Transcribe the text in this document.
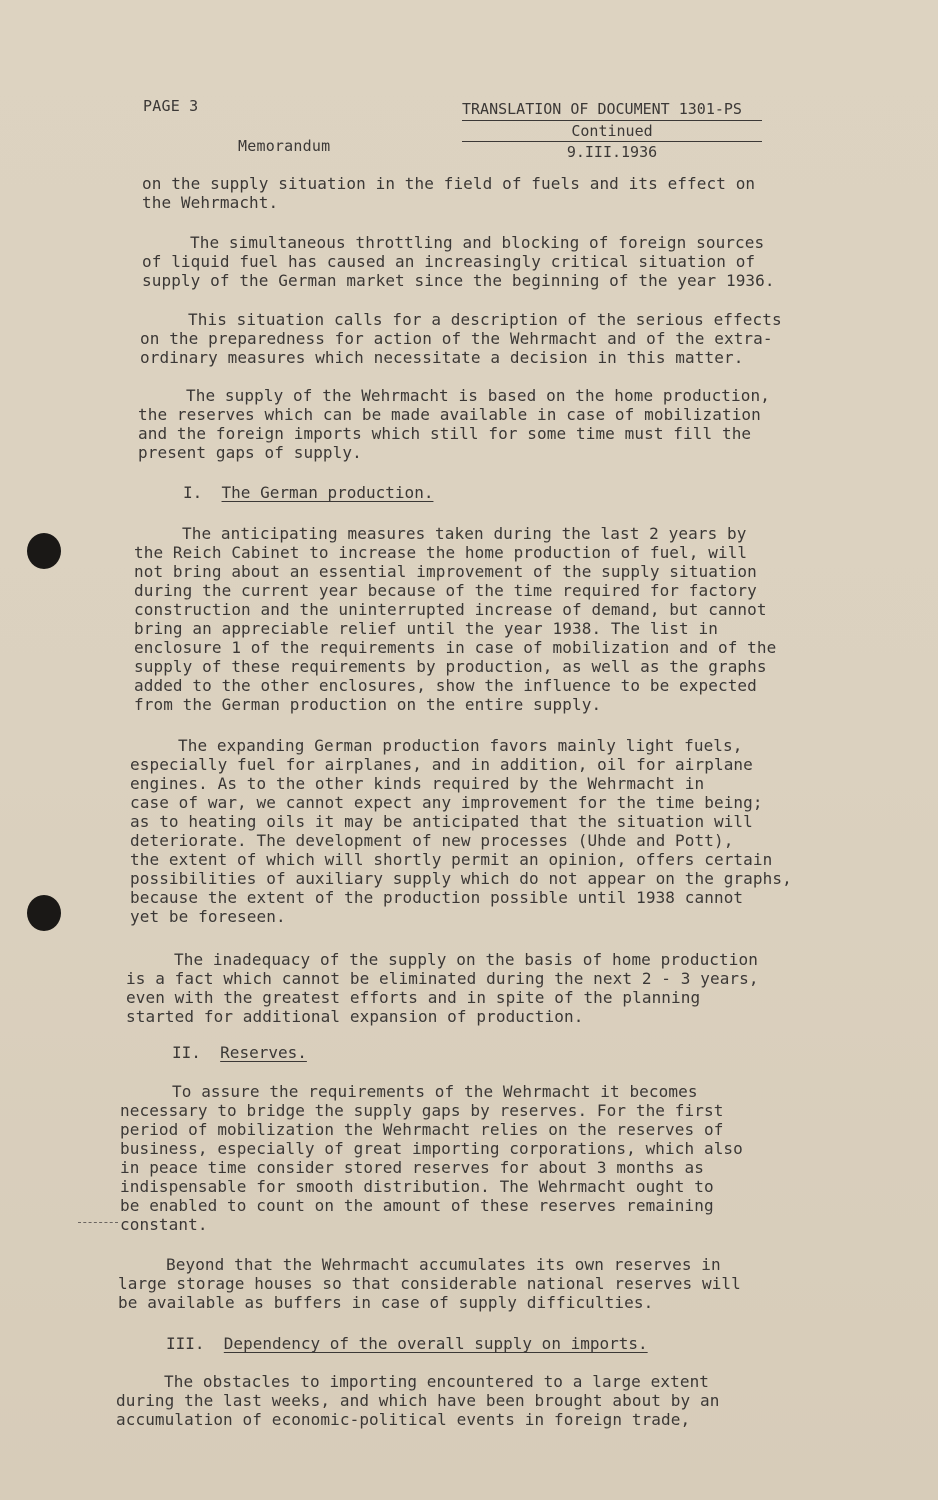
PAGE 3
Memorandum
TRANSLATION OF DOCUMENT 1301-PS
Continued
9.III.1936

on the supply situation in the field of fuels and its effect on

the Wehrmacht.

The simultaneous throttling and blocking of foreign sources

of liquid fuel has caused an increasingly critical situation of

supply of the German market since the beginning of the year 1936.

This situation calls for a description of the serious effects

on the preparedness for action of the Wehrmacht and of the extra-

ordinary measures which necessitate a decision in this matter.

The supply of the Wehrmacht is based on the home production,

the reserves which can be made available in case of mobilization

and the foreign imports which still for some time must fill the

present gaps of supply.

I. The German production.

The anticipating measures taken during the last 2 years by

the Reich Cabinet to increase the home production of fuel, will

not bring about an essential improvement of the supply situation

during the current year because of the time required for factory

construction and the uninterrupted increase of demand, but cannot

bring an appreciable relief until the year 1938. The list in

enclosure 1 of the requirements in case of mobilization and of the

supply of these requirements by production, as well as the graphs

added to the other enclosures, show the influence to be expected

from the German production on the entire supply.

The expanding German production favors mainly light fuels,

especially fuel for airplanes, and in addition, oil for airplane

engines. As to the other kinds required by the Wehrmacht in

case of war, we cannot expect any improvement for the time being;

as to heating oils it may be anticipated that the situation will

deteriorate. The development of new processes (Uhde and Pott),

the extent of which will shortly permit an opinion, offers certain

possibilities of auxiliary supply which do not appear on the graphs,

because the extent of the production possible until 1938 cannot

yet be foreseen.

The inadequacy of the supply on the basis of home production

is a fact which cannot be eliminated during the next 2 - 3 years,

even with the greatest efforts and in spite of the planning

started for additional expansion of production.

II. Reserves.

To assure the requirements of the Wehrmacht it becomes

necessary to bridge the supply gaps by reserves. For the first

period of mobilization the Wehrmacht relies on the reserves of

business, especially of great importing corporations, which also

in peace time consider stored reserves for about 3 months as

indispensable for smooth distribution. The Wehrmacht ought to

be enabled to count on the amount of these reserves remaining

constant.

Beyond that the Wehrmacht accumulates its own reserves in

large storage houses so that considerable national reserves will

be available as buffers in case of supply difficulties.

III. Dependency of the overall supply on imports.

The obstacles to importing encountered to a large extent

during the last weeks, and which have been brought about by an

accumulation of economic-political events in foreign trade,
